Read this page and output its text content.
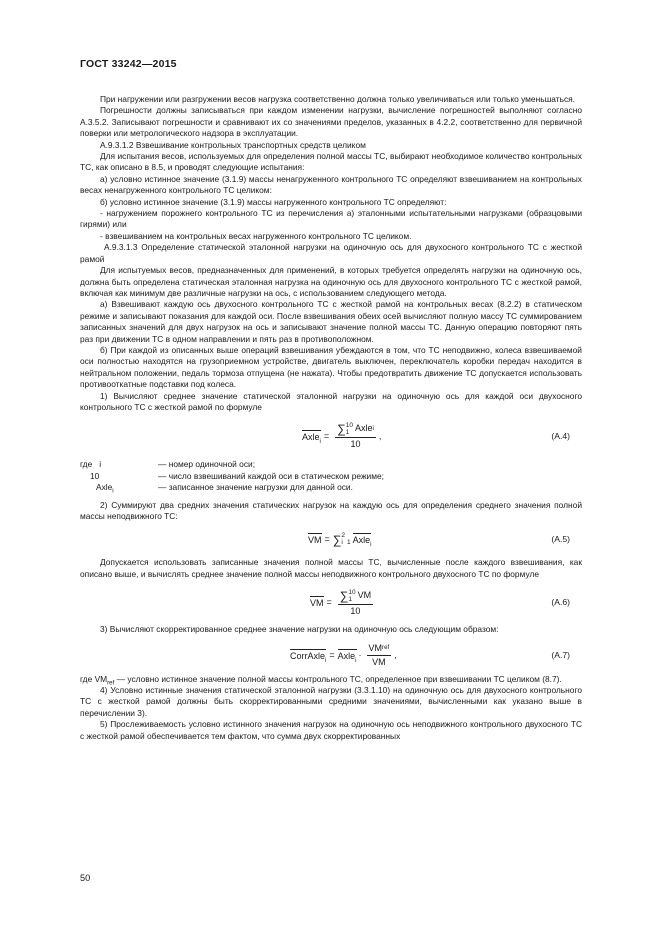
ГОСТ 33242—2015

При нагружении или разгружении весов нагрузка соответственно должна только увеличиваться или только уменьшаться.

Погрешности должны записываться при каждом изменении нагрузки, вычисление погрешностей выполняют согласно А.3.5.2. Записывают погрешности и сравнивают их со значениями пределов, указанных в 4.2.2, соответственно для первичной поверки или метрологического надзора в эксплуатации.

А.9.3.1.2 Взвешивание контрольных транспортных средств целиком

Для испытания весов, используемых для определения полной массы ТС, выбирают необходимое количество контрольных ТС, как описано в 8.5, и проводят следующие испытания:

а) условно истинное значение (3.1.9) массы ненагруженного контрольного ТС определяют взвешиванием на контрольных весах ненагруженного контрольного ТС целиком:

б) условно истинное значение (3.1.9) массы нагруженного контрольного ТС определяют:

- нагружением порожнего контрольного ТС из перечисления а) эталонными испытательными нагрузками (образцовыми гирями) или

- взвешиванием на контрольных весах нагруженного контрольного ТС целиком.

А.9.3.1.3 Определение статической эталонной нагрузки на одиночную ось для двухосного контрольного ТС с жесткой рамой

Для испытуемых весов, предназначенных для применений, в которых требуется определять нагрузки на одиночную ось, должна быть определена статическая эталонная нагрузка на одиночную ось для двухосного контрольного ТС с жесткой рамой, включая как минимум две различные нагрузки на ось, с использованием следующего метода.

а) Взвешивают каждую ось двухосного контрольного ТС с жесткой рамой на контрольных весах (8.2.2) в статическом режиме и записывают показания для каждой оси. После взвешивания обеих осей вычисляют полную массу ТС суммированием записанных значений для двух нагрузок на ось и записывают значение полной массы ТС. Данную операцию повторяют пять раз при движении ТС в одном направлении и пять раз в противоположном.

б) При каждой из описанных выше операций взвешивания убеждаются в том, что ТС неподвижно, колеса взвешиваемой оси полностью находятся на грузоприемном устройстве, двигатель выключен, переключатель коробки передач находится в нейтральном положении, педаль тормоза отпущена (не нажата). Чтобы предотвратить движение ТС допускается использовать противооткатные подставки под колеса.

1) Вычисляют среднее значение статической эталонной нагрузки на одиночную ось для каждой оси двухосного контрольного ТС с жесткой рамой по формуле

Axle$_i$
= ∑ 10
1 Axle i
10 ,	(А.4)
где i	— номер одиночной оси;
10	— число взвешиваний каждой оси в статическом режиме;
Axle$_i$	— записанное значение нагрузки для данной оси.

2) Суммируют два средних значения статических нагрузок на каждую ось для определения среднего значения полной массы неподвижного ТС:

VM = ∑ 2
i 1 Axle$_i$
(А.5)

Допускается использовать записанные значения полной массы ТС, вычисленные после каждого взвешивания, как описано выше, и вычислять среднее значение полной массы неподвижного контрольного двухосного ТС по формуле

VM = ∑ 10
1 VM
10	(А.6)

3) Вычисляют скорректированное среднее значение нагрузки на одиночную ось следующим образом:

CorrAxle$_i$
= Axle$_i$
· $\frac{\text{VM ref}}{VM}$ ,	(А.7)

где $VM_{ref}$ — условно истинное значение полной массы контрольного ТС, определенное при взвешивании ТС целиком (8.7).

4) Условно истинные значения статической эталонной нагрузки (3.3.1.10) на одиночную ось для двухосного контрольного ТС с жесткой рамой должны быть скорректированными средними значениями, вычисленными как указано выше в перечислении 3).

5) Прослеживаемость условно истинного значения нагрузок на одиночную ось неподвижного контрольного двухосного ТС с жесткой рамой обеспечивается тем фактом, что сумма двух скорректированных

50
